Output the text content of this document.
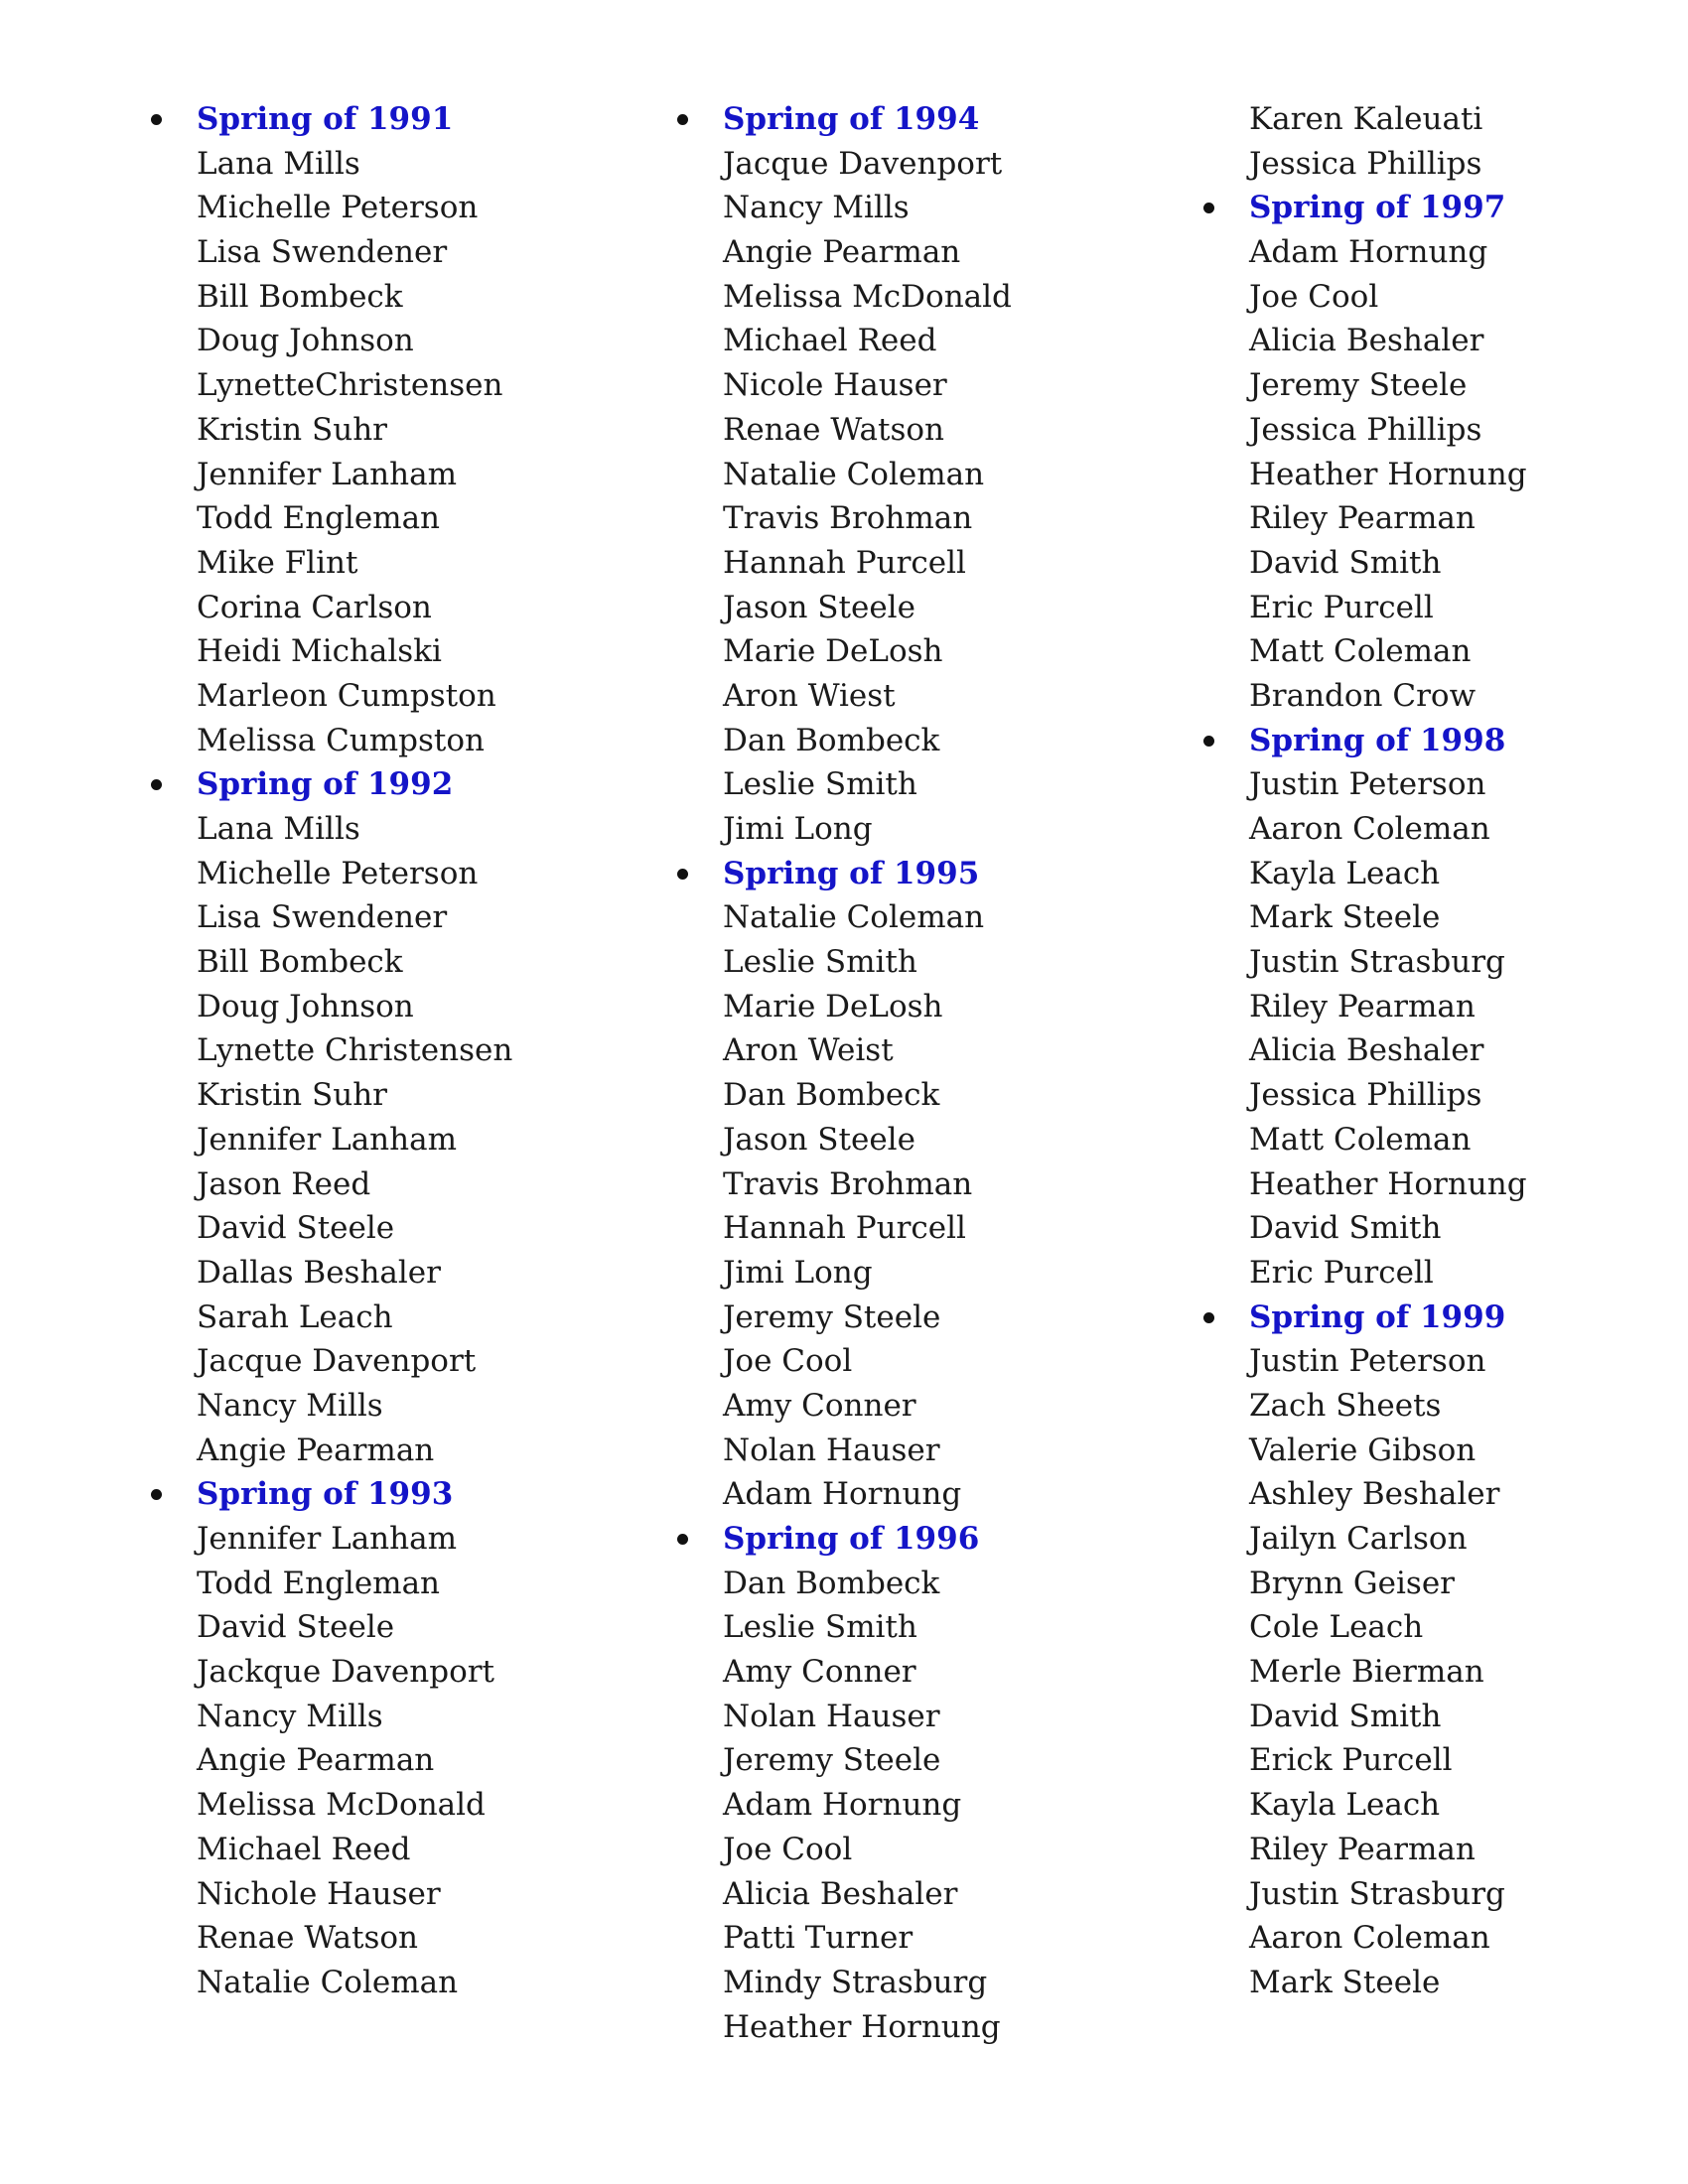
Spring of 1991
Lana Mills
Michelle Peterson
Lisa Swendener
Bill Bombeck
Doug Johnson
LynetteChristensen
Kristin Suhr
Jennifer Lanham
Todd Engleman
Mike Flint
Corina Carlson
Heidi Michalski
Marleon Cumpston
Melissa Cumpston
Spring of 1992
Lana Mills
Michelle Peterson
Lisa Swendener
Bill Bombeck
Doug Johnson
Lynette Christensen
Kristin Suhr
Jennifer Lanham
Jason Reed
David Steele
Dallas Beshaler
Sarah Leach
Jacque Davenport
Nancy Mills
Angie Pearman
Spring of 1993
Jennifer Lanham
Todd Engleman
David Steele
Jackque Davenport
Nancy Mills
Angie Pearman
Melissa McDonald
Michael Reed
Nichole Hauser
Renae Watson
Natalie Coleman
Spring of 1994
Jacque Davenport
Nancy Mills
Angie Pearman
Melissa McDonald
Michael Reed
Nicole Hauser
Renae Watson
Natalie Coleman
Travis Brohman
Hannah Purcell
Jason Steele
Marie DeLosh
Aron Wiest
Dan Bombeck
Leslie Smith
Jimi Long
Spring of 1995
Natalie Coleman
Leslie Smith
Marie DeLosh
Aron Weist
Dan Bombeck
Jason Steele
Travis Brohman
Hannah Purcell
Jimi Long
Jeremy Steele
Joe Cool
Amy Conner
Nolan Hauser
Adam Hornung
Spring of 1996
Dan Bombeck
Leslie Smith
Amy Conner
Nolan Hauser
Jeremy Steele
Adam Hornung
Joe Cool
Alicia Beshaler
Patti Turner
Mindy Strasburg
Heather Hornung
Karen Kaleuati
Jessica Phillips
Spring of 1997
Adam Hornung
Joe Cool
Alicia Beshaler
Jeremy Steele
Jessica Phillips
Heather Hornung
Riley Pearman
David Smith
Eric Purcell
Matt Coleman
Brandon Crow
Spring of 1998
Justin Peterson
Aaron Coleman
Kayla Leach
Mark Steele
Justin Strasburg
Riley Pearman
Alicia Beshaler
Jessica Phillips
Matt Coleman
Heather Hornung
David Smith
Eric Purcell
Spring of 1999
Justin Peterson
Zach Sheets
Valerie Gibson
Ashley Beshaler
Jailyn Carlson
Brynn Geiser
Cole Leach
Merle Bierman
David Smith
Erick Purcell
Kayla Leach
Riley Pearman
Justin Strasburg
Aaron Coleman
Mark Steele
